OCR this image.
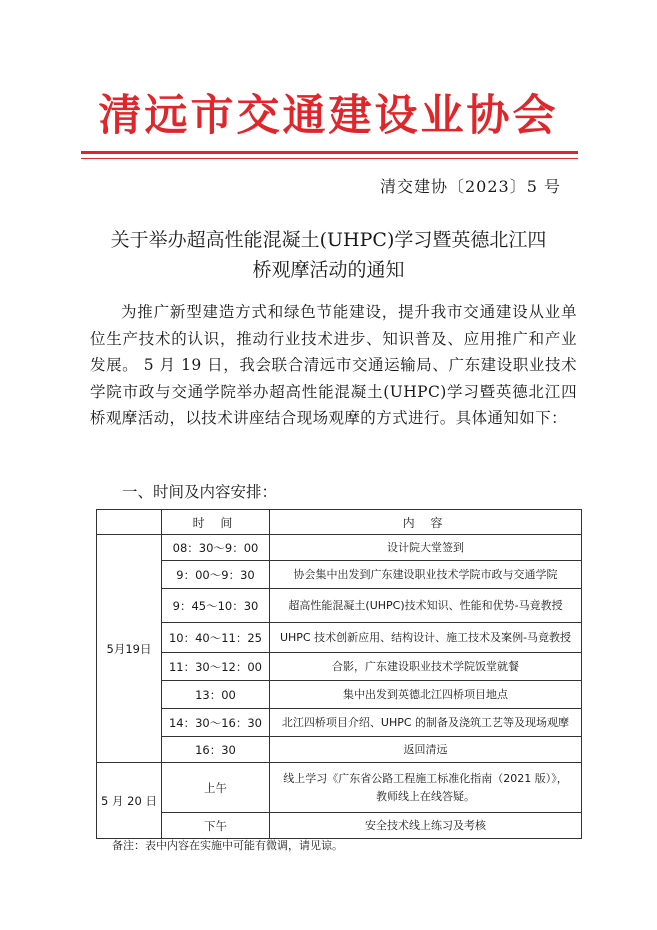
清远市交通建设业协会
清交建协〔2023〕5 号
关于举办超高性能混凝土(UHPC)学习暨英德北江四
桥观摩活动的通知

为推广新型建造方式和绿色节能建设，提升我市交通建设从业单位生产技术的认识，推动行业技术进步、知识普及、应用推广和产业发展。 5 月 19 日，我会联合清远市交通运输局、广东建设职业技术学院市政与交通学院举办超高性能混凝土(UHPC)学习暨英德北江四桥观摩活动，以技术讲座结合现场观摩的方式进行。具体通知如下：

一、时间及内容安排：
	时 间	内 容
5月19日	08：30～9：00	设计院大堂签到
	9：00～9：30	协会集中出发到广东建设职业技术学院市政与交通学院
	9：45～10：30	超高性能混凝土(UHPC)技术知识、性能和优势-马竟教授
	10：40～11：25	UHPC 技术创新应用、结构设计、施工技术及案例-马竟教授
	11：30～12：00	合影，广东建设职业技术学院饭堂就餐
	13：00	集中出发到英德北江四桥项目地点
	14：30～16：30	北江四桥项目介绍、UHPC 的制备及浇筑工艺等及现场观摩
	16：30	返回清远
5 月 20 日	上午	线上学习《广东省公路工程施工标准化指南（2021 版）》，
教师线上在线答疑。

	下午	安全技术线上练习及考核
备注：表中内容在实施中可能有微调，请见谅。
